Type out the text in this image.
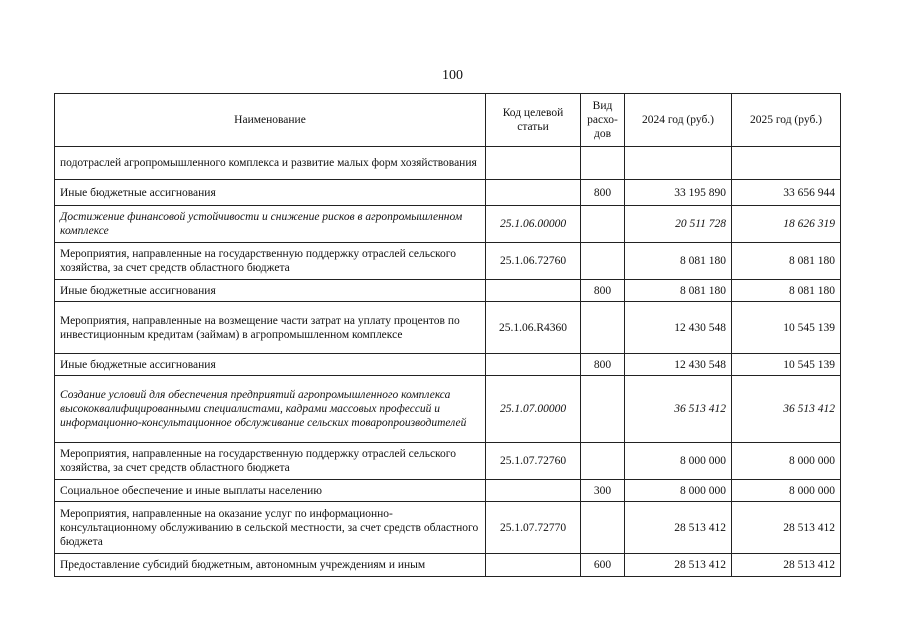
100
Наименование	Код целевой статьи	Вид расхо-дов	2024 год (руб.)	2025 год (руб.)
подотраслей агропромышленного комплекса и развитие малых форм хозяйствования				
Иные бюджетные ассигнования		800	33 195 890	33 656 944
Достижение финансовой устойчивости и снижение рисков в агропромышленном комплексе	25.1.06.00000		20 511 728	18 626 319
Мероприятия, направленные на государственную поддержку отраслей сельского хозяйства, за счет средств областного бюджета	25.1.06.72760		8 081 180	8 081 180
Иные бюджетные ассигнования		800	8 081 180	8 081 180
Мероприятия, направленные на возмещение части затрат на уплату процентов по инвестиционным кредитам (займам) в агропромышленном комплексе	25.1.06.R4360		12 430 548	10 545 139
Иные бюджетные ассигнования		800	12 430 548	10 545 139
Создание условий для обеспечения предприятий агропромышленного комплекса высококвалифицированными специалистами, кадрами массовых профессий и информационно-консультационное обслуживание сельских товаропроизводителей	25.1.07.00000		36 513 412	36 513 412
Мероприятия, направленные на государственную поддержку отраслей сельского хозяйства, за счет средств областного бюджета	25.1.07.72760		8 000 000	8 000 000
Социальное обеспечение и иные выплаты населению		300	8 000 000	8 000 000
Мероприятия, направленные на оказание услуг по информационно-консультационному обслуживанию в сельской местности, за счет средств областного бюджета	25.1.07.72770		28 513 412	28 513 412
Предоставление субсидий бюджетным, автономным учреждениям и иным		600	28 513 412	28 513 412
